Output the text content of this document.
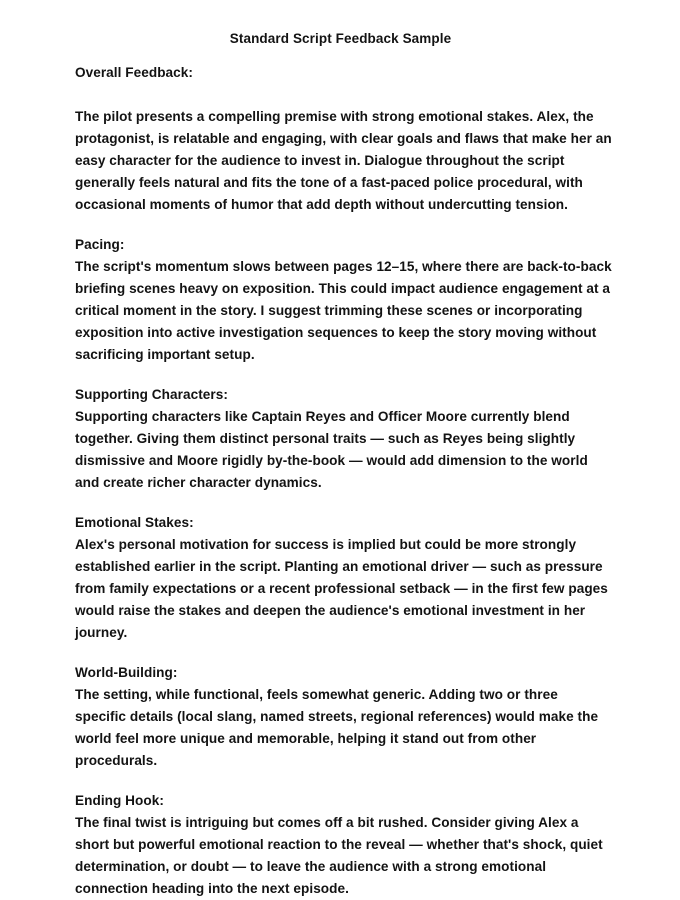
Standard Script Feedback Sample

Overall Feedback:

The pilot presents a compelling premise with strong emotional stakes. Alex, the protagonist, is relatable and engaging, with clear goals and flaws that make her an easy character for the audience to invest in. Dialogue throughout the script generally feels natural and fits the tone of a fast-paced police procedural, with occasional moments of humor that add depth without undercutting tension.

Pacing:

The script's momentum slows between pages 12–15, where there are back-to-back briefing scenes heavy on exposition. This could impact audience engagement at a critical moment in the story. I suggest trimming these scenes or incorporating exposition into active investigation sequences to keep the story moving without sacrificing important setup.

Supporting Characters:

Supporting characters like Captain Reyes and Officer Moore currently blend together. Giving them distinct personal traits — such as Reyes being slightly dismissive and Moore rigidly by-the-book — would add dimension to the world and create richer character dynamics.

Emotional Stakes:

Alex's personal motivation for success is implied but could be more strongly established earlier in the script. Planting an emotional driver — such as pressure from family expectations or a recent professional setback — in the first few pages would raise the stakes and deepen the audience's emotional investment in her journey.

World-Building:

The setting, while functional, feels somewhat generic. Adding two or three specific details (local slang, named streets, regional references) would make the world feel more unique and memorable, helping it stand out from other procedurals.

Ending Hook:

The final twist is intriguing but comes off a bit rushed. Consider giving Alex a short but powerful emotional reaction to the reveal — whether that's shock, quiet determination, or doubt — to leave the audience with a strong emotional connection heading into the next episode.
